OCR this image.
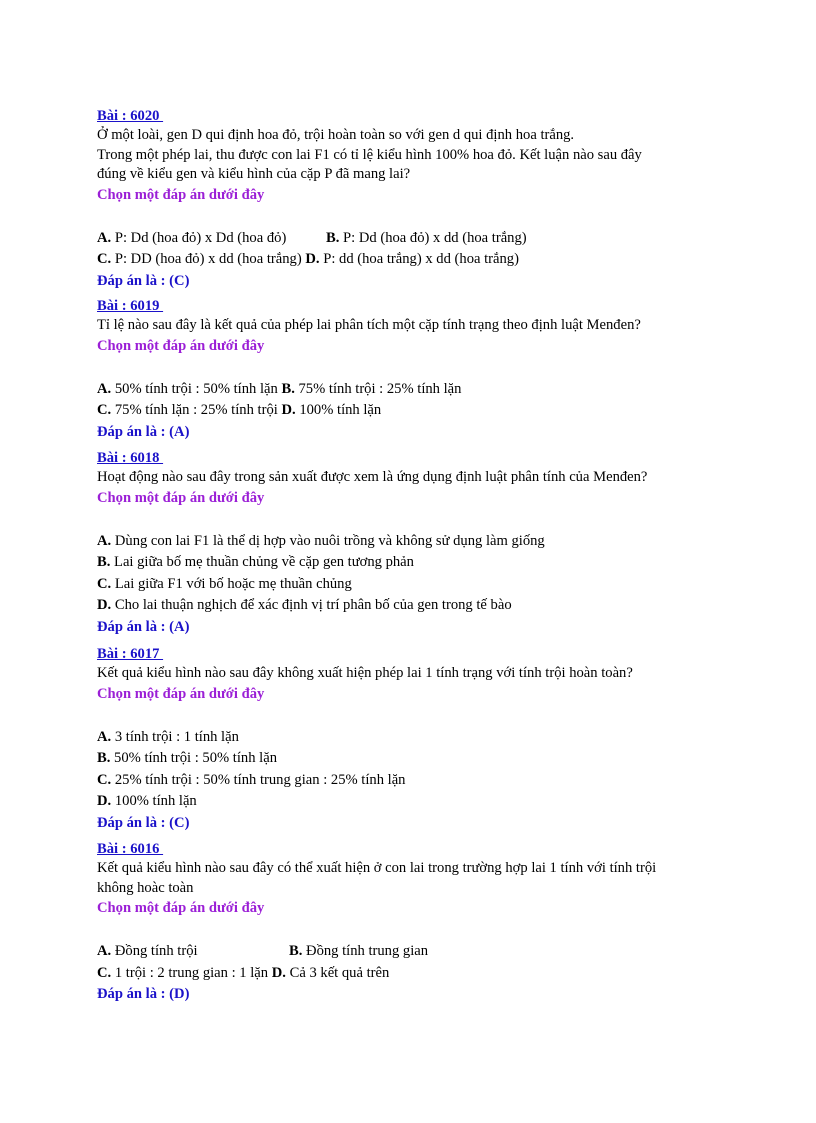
Bài : 6020
Ở một loài, gen D qui định hoa đỏ, trội hoàn toàn so với gen d qui định hoa trắng.
Trong một phép lai, thu được con lai F1 có tỉ lệ kiểu hình 100% hoa đỏ. Kết luận nào sau đây
đúng về kiểu gen và kiểu hình của cặp P đã mang lai?
Chọn một đáp án dưới đây
A. P: Dd (hoa đỏ) x Dd (hoa đỏ)	B. P: Dd (hoa đỏ) x dd (hoa trắng)
C. P: DD (hoa đỏ) x dd (hoa trắng) D. P: dd (hoa trắng) x dd (hoa trắng)
Đáp án là : (C)
Bài : 6019
Tỉ lệ nào sau đây là kết quả của phép lai phân tích một cặp tính trạng theo định luật Menđen?
Chọn một đáp án dưới đây
A. 50% tính trội : 50% tính lặn B. 75% tính trội : 25% tính lặn
C. 75% tính lặn : 25% tính trội D. 100% tính lặn
Đáp án là : (A)
Bài : 6018
Hoạt động nào sau đây trong sản xuất được xem là ứng dụng định luật phân tính của Menđen?
Chọn một đáp án dưới đây
A. Dùng con lai F1 là thể dị hợp vào nuôi trồng và không sử dụng làm giống
B. Lai giữa bố mẹ thuần chủng về cặp gen tương phản
C. Lai giữa F1 với bố hoặc mẹ thuần chủng
D. Cho lai thuận nghịch để xác định vị trí phân bố của gen trong tế bào
Đáp án là : (A)
Bài : 6017
Kết quả kiểu hình nào sau đây không xuất hiện phép lai 1 tính trạng với tính trội hoàn toàn?
Chọn một đáp án dưới đây
A. 3 tính trội : 1 tính lặn
B. 50% tính trội : 50% tính lặn
C. 25% tính trội : 50% tính trung gian : 25% tính lặn
D. 100% tính lặn
Đáp án là : (C)
Bài : 6016
Kết quả kiểu hình nào sau đây có thể xuất hiện ở con lai trong trường hợp lai 1 tính với tính trội
không hoàc toàn
Chọn một đáp án dưới đây
A. Đồng tính trội	B. Đồng tính trung gian
C. 1 trội : 2 trung gian : 1 lặn D. Cả 3 kết quả trên
Đáp án là : (D)
